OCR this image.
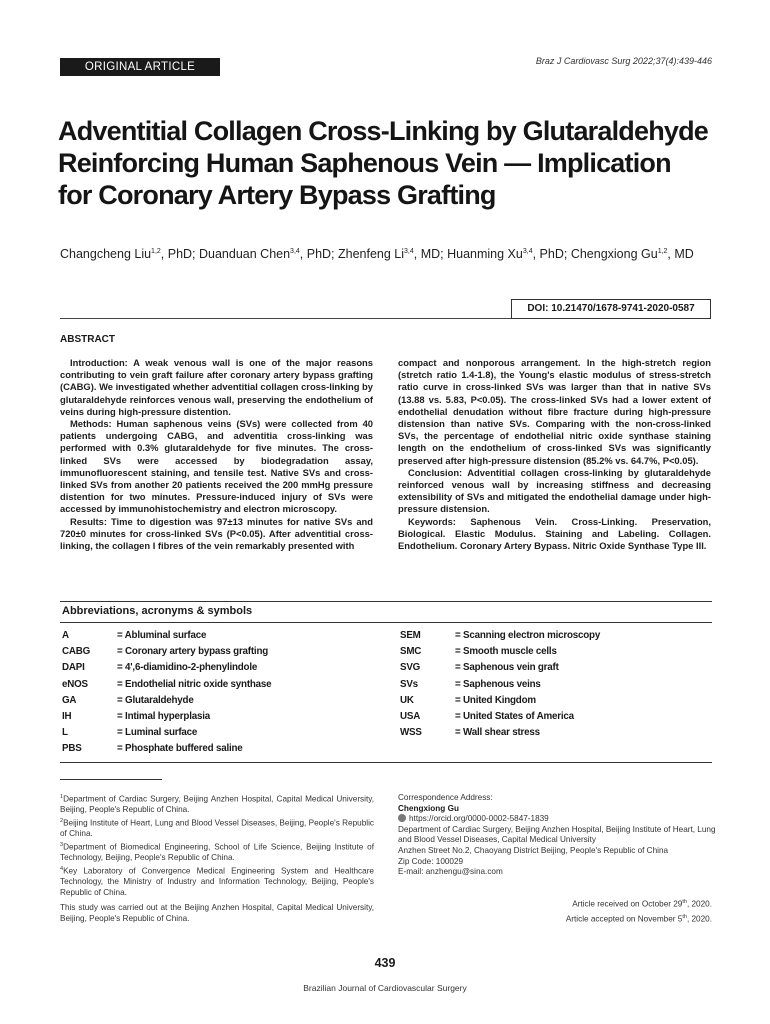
ORIGINAL ARTICLE	Braz J Cardiovasc Surg 2022;37(4):439-446
Adventitial Collagen Cross-Linking by Glutaraldehyde
Reinforcing Human Saphenous Vein — Implication
for Coronary Artery Bypass Grafting
Changcheng Liu$^{1,2}$, PhD; Duanduan Chen$^{3,4}$, PhD; Zhenfeng Li$^{3,4}$, MD; Huanming Xu$^{3,4}$, PhD; Chengxiong Gu$^{1,2}$, MD
DOI: 10.21470/1678-9741-2020-0587
ABSTRACT

Introduction: A weak venous wall is one of the major reasons contributing to vein graft failure after coronary artery bypass grafting (CABG). We investigated whether adventitial collagen cross-linking by glutaraldehyde reinforces venous wall, preserving the endothelium of veins during high-pressure distention.

Methods: Human saphenous veins (SVs) were collected from 40 patients undergoing CABG, and adventitia cross-linking was performed with 0.3% glutaraldehyde for five minutes. The cross-linked SVs were accessed by biodegradation assay, immunofluorescent staining, and tensile test. Native SVs and cross-linked SVs from another 20 patients received the 200 mmHg pressure distention for two minutes. Pressure-induced injury of SVs were accessed by immunohistochemistry and electron microscopy.

Results: Time to digestion was 97±13 minutes for native SVs and 720±0 minutes for cross-linked SVs (P<0.05). After adventitial cross-linking, the collagen I fibres of the vein remarkably presented with

compact and nonporous arrangement. In the high-stretch region (stretch ratio 1.4-1.8), the Young's elastic modulus of stress-stretch ratio curve in cross-linked SVs was larger than that in native SVs (13.88 vs. 5.83, P<0.05). The cross-linked SVs had a lower extent of endothelial denudation without fibre fracture during high-pressure distension than native SVs. Comparing with the non-cross-linked SVs, the percentage of endothelial nitric oxide synthase staining length on the endothelium of cross-linked SVs was significantly preserved after high-pressure distension (85.2% vs. 64.7%, P<0.05).

Conclusion: Adventitial collagen cross-linking by glutaraldehyde reinforced venous wall by increasing stiffness and decreasing extensibility of SVs and mitigated the endothelial damage under high-pressure distension.

Keywords: Saphenous Vein. Cross-Linking. Preservation, Biological. Elastic Modulus. Staining and Labeling. Collagen. Endothelium. Coronary Artery Bypass. Nitric Oxide Synthase Type III.

Abbreviations, acronyms & symbols
A	= Abluminal surface
CABG	= Coronary artery bypass grafting
DAPI	= 4',6-diamidino-2-phenylindole
eNOS	= Endothelial nitric oxide synthase
GA	= Glutaraldehyde
IH	= Intimal hyperplasia
L	= Luminal surface
PBS	= Phosphate buffered saline
SEM	= Scanning electron microscopy
SMC	= Smooth muscle cells
SVG	= Saphenous vein graft
SVs	= Saphenous veins
UK	= United Kingdom
USA	= United States of America
WSS	= Wall shear stress

$^1$Department of Cardiac Surgery, Beijing Anzhen Hospital, Capital Medical University, Beijing, People's Republic of China.

$^2$Beijing Institute of Heart, Lung and Blood Vessel Diseases, Beijing, People's Republic of China.

$^3$Department of Biomedical Engineering, School of Life Science, Beijing Institute of Technology, Beijing, People's Republic of China.

$^4$Key Laboratory of Convergence Medical Engineering System and Healthcare Technology, the Ministry of Industry and Information Technology, Beijing, People's Republic of China.

This study was carried out at the Beijing Anzhen Hospital, Capital Medical University, Beijing, People's Republic of China.

Correspondence Address:
Chengxiong Gu
https://orcid.org/0000-0002-5847-1839
Department of Cardiac Surgery, Beijing Anzhen Hospital, Beijing Institute of Heart, Lung and Blood Vessel Diseases, Capital Medical University
Anzhen Street No.2, Chaoyang District Beijing, People's Republic of China
Zip Code: 100029
E-mail: anzhengu@sina.com
Article received on October 29th, 2020.
Article accepted on November 5th, 2020.
439
Brazilian Journal of Cardiovascular Surgery
